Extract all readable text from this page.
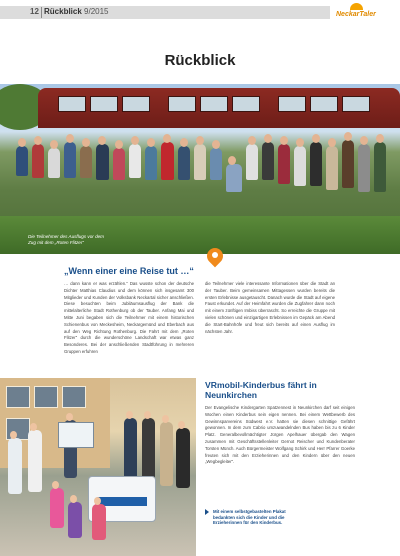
12 Rückblick 9/2015	NeckarTaler
Rückblick
Die Teilnehmer des Ausflugs vor dem Zug mit dem „Roten Flitzer“
„Wenn einer eine Reise tut …“
… dann kann er was erzählen.“ Das wusste schon der deutsche Dichter Matthias Claudius und dem können sich insgesamt 300 Mitglieder und Kunden der Volksbank Neckartal sicher anschließen. Diese besuchten beim Jubiläumsausflug der Bank die mittelalterliche Stadt Rothenburg ob der Tauber. Anfang Mai und Mitte Juni begaben sich die Teilnehmer mit einem historischen Schienenbus von Meckesheim, Neckargemünd und Eberbach aus auf den Weg Richtung Rothenburg. Die Fahrt mit dem „Roten Flitzer“ durch die wunderschöne Landschaft war etwas ganz Besonderes. Bei der anschließenden Stadtführung in mehreren Gruppen erfuhren
die Teilnehmer viele interessante Informationen über die Stadt an der Tauber. Beim gemeinsamen Mittagessen wurden bereits die ersten Erlebnisse ausgetauscht. Danach wurde die Stadt auf eigene Faust erkundet. Auf der Heimfahrt wurden die Zugfahrer dann noch mit einem zünftigen Imbiss überrascht. So erreichte die Gruppe mit vielen schönen und einzigartigen Erlebnissen im Gepäck am Abend die Start-Bahnhöfe und freut sich bereits auf einen Ausflug im nächsten Jahr.
VRmobil-Kinderbus fährt in Neunkirchen
Der Evangelische Kindergarten Spatzennest in Neunkirchen darf seit einigen Wochen einen Kinderbus sein eigen nennen. Bei einem Wettbewerb des Gewinnsparvereins Südwest e.V. hatten sie diesen schnittige Gefährt gewonnen. In dem zum Cabrio umzuwandelnden Bus haben bis zu 6 Kinder Platz. Generalbevollmächtigter Jürgen Apelhauer übergab den Wagen zusammen mit Geschäftsstellenleiter Gernot Reischer und Kundenberater Torsten Münch. Auch Bürgermeister Wolfgang Schirk und Herr Pfarrer Goerke freuten sich mit den Erzieherinnen und den Kindern über den neuen „Wegbegleiter“.
Mit einem selbstgebastelten Plakat bedankten sich die Kinder und die Erzieherinnen für den Kinderbus.
